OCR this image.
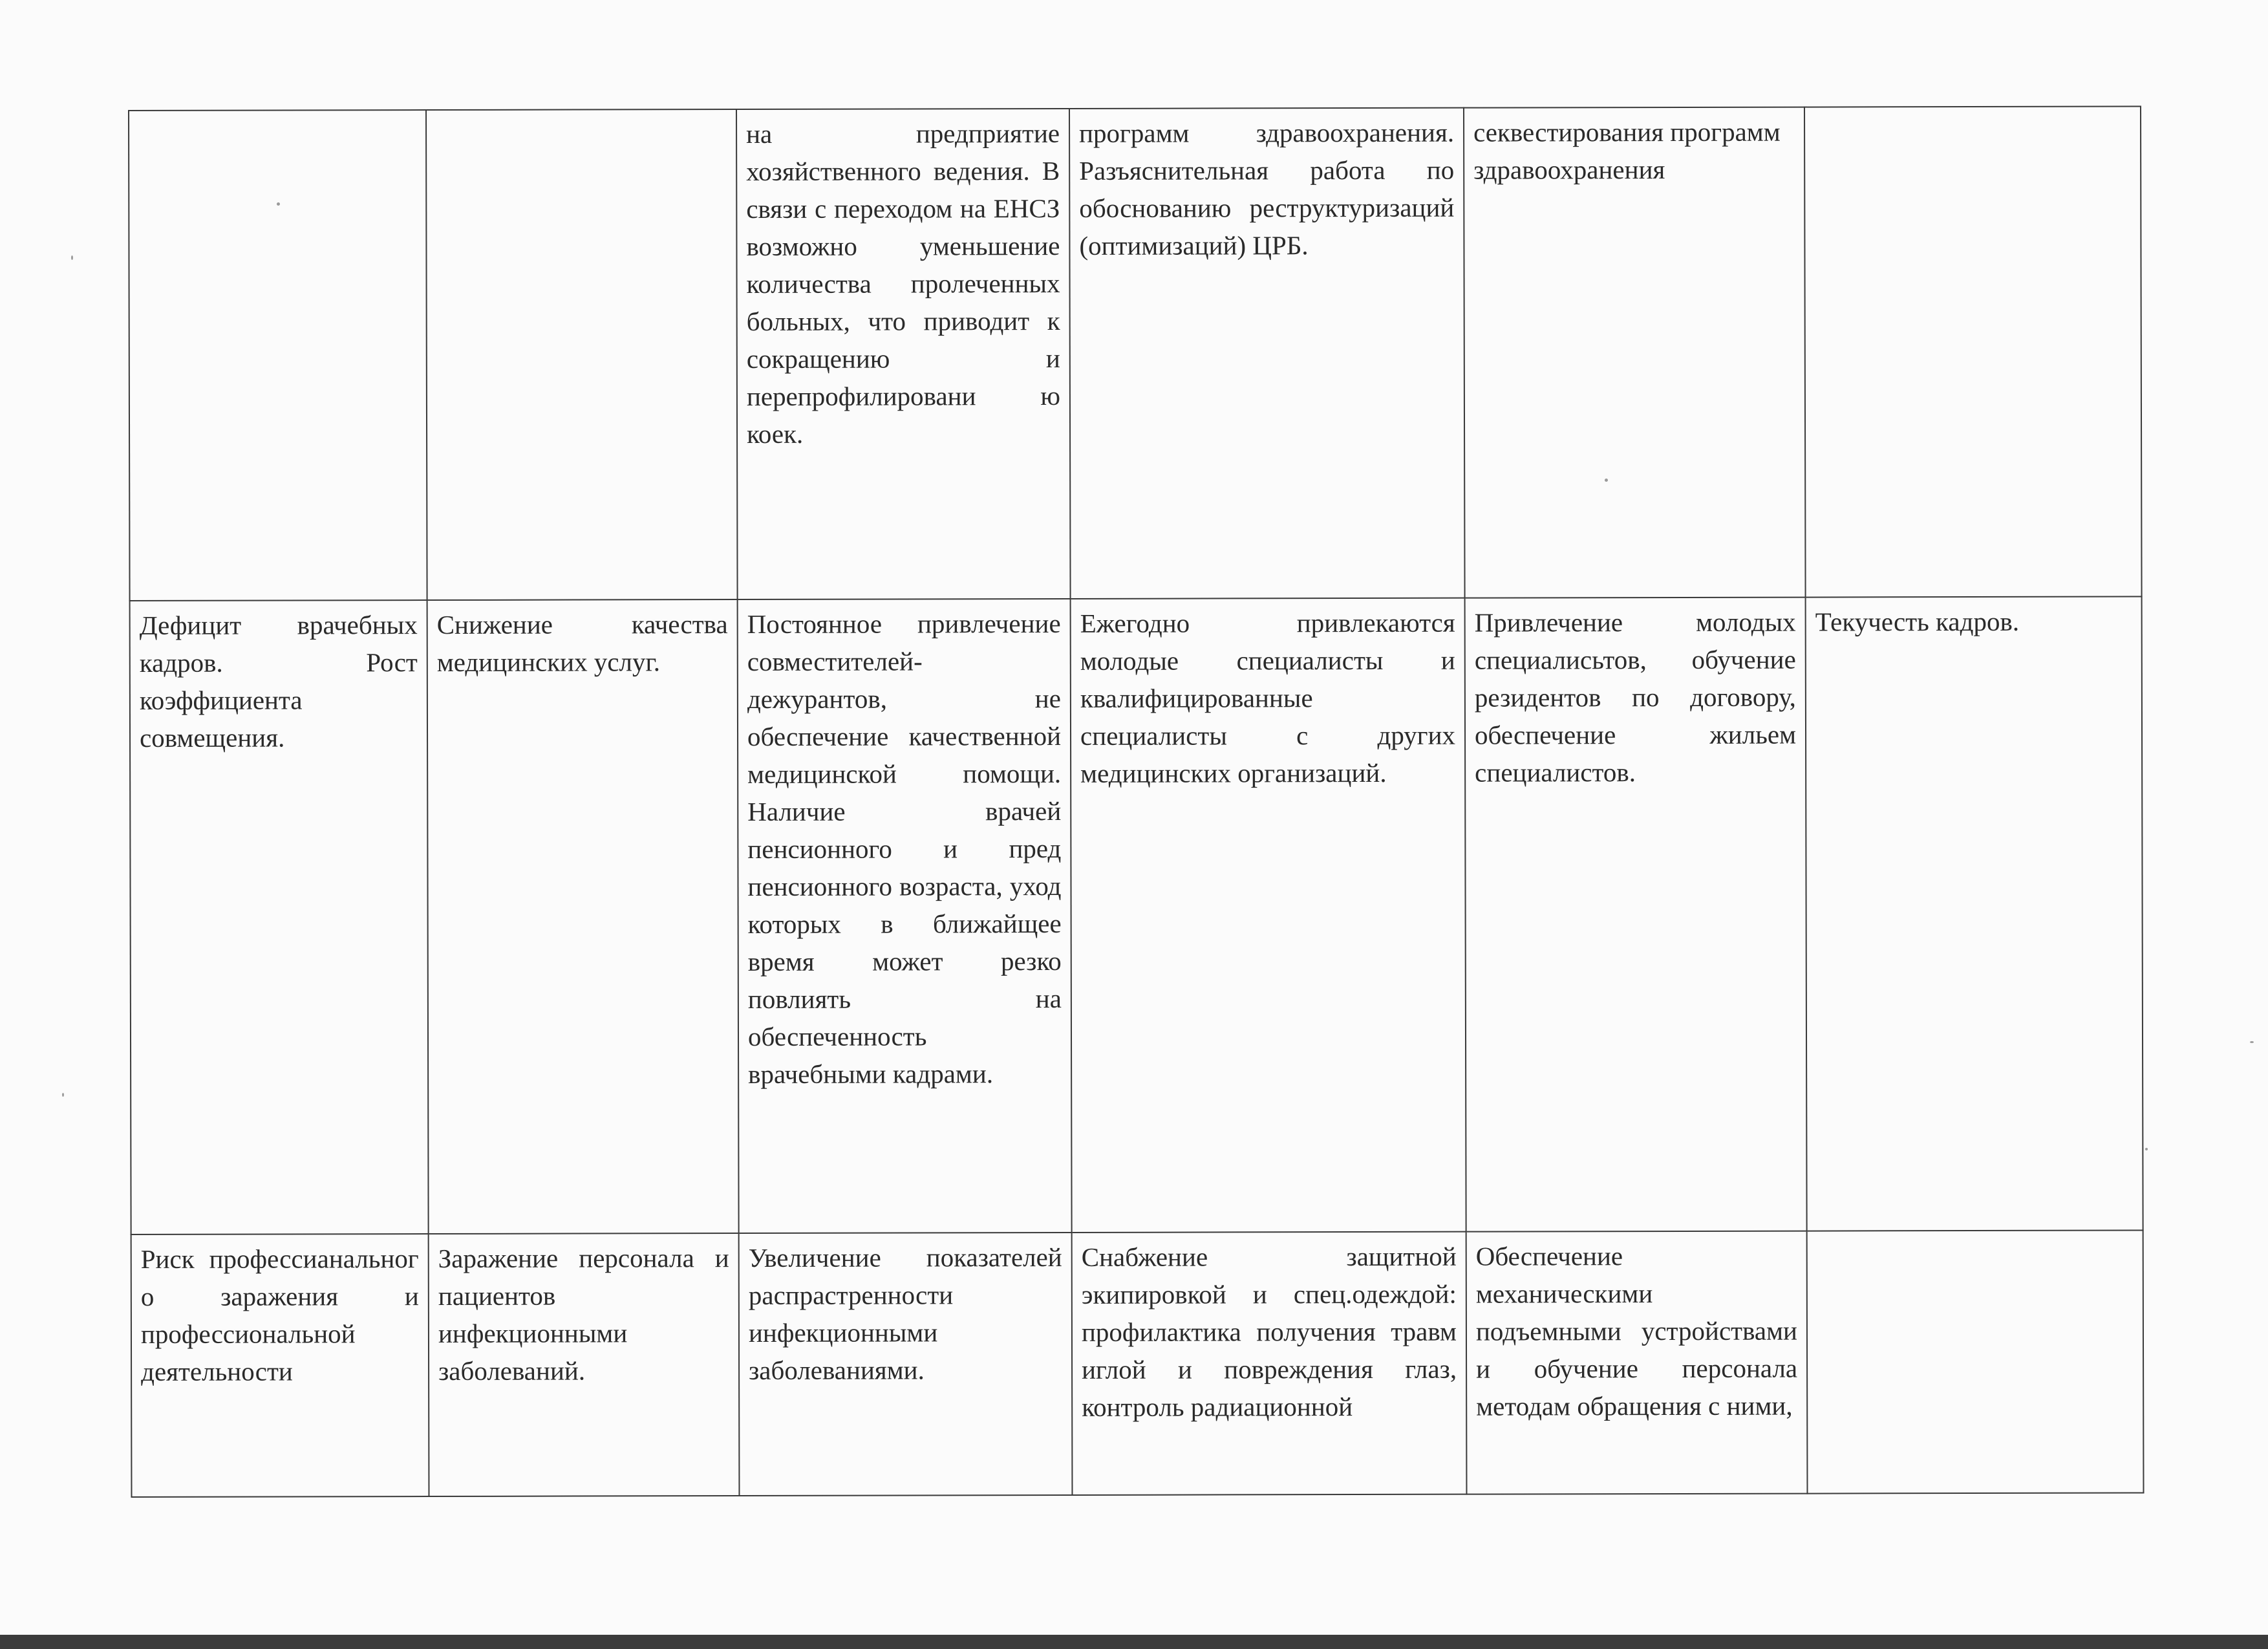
		на предприятие хозяйственного ведения. В связи с переходом на ЕНСЗ возможно уменьшение количества пролеченных больных, что приводит к сокращению и перепрофилировани ю коек.	программ здравоохранения. Разъяснительная работа по обоснованию реструктуризаций (оптимизаций) ЦРБ.	секвестирования программ здравоохранения	

Дефицит врачебных кадров. Рост коэффициента совмещения.	Снижение качества медицинских услуг.	Постоянное привлечение совместителей-дежурантов, не обеспечение качественной медицинской помощи. Наличие врачей пенсионного и пред пенсионного возраста, уход которых в ближайщее время может резко повлиять на обеспеченность врачебными кадрами.	Ежегодно привлекаются молодые специалисты и квалифицированные специалисты с других медицинских организаций.	Привлечение молодых специалисьтов, обучение резидентов по договору, обеспечение жильем специалистов.	Текучесть кадров.

Риск профессианальног о заражения и профессиональной деятельности	Заражение персонала и пациентов инфекционными заболеваний.	Увеличение показателей распрастренности инфекционными заболеваниями.	Снабжение защитной экипировкой и спец.одеждой: профилактика получения травм иглой и повреждения глаз, контроль радиационной	Обеспечение механическими подъемными устройствами и обучение персонала методам обращения с ними,	
